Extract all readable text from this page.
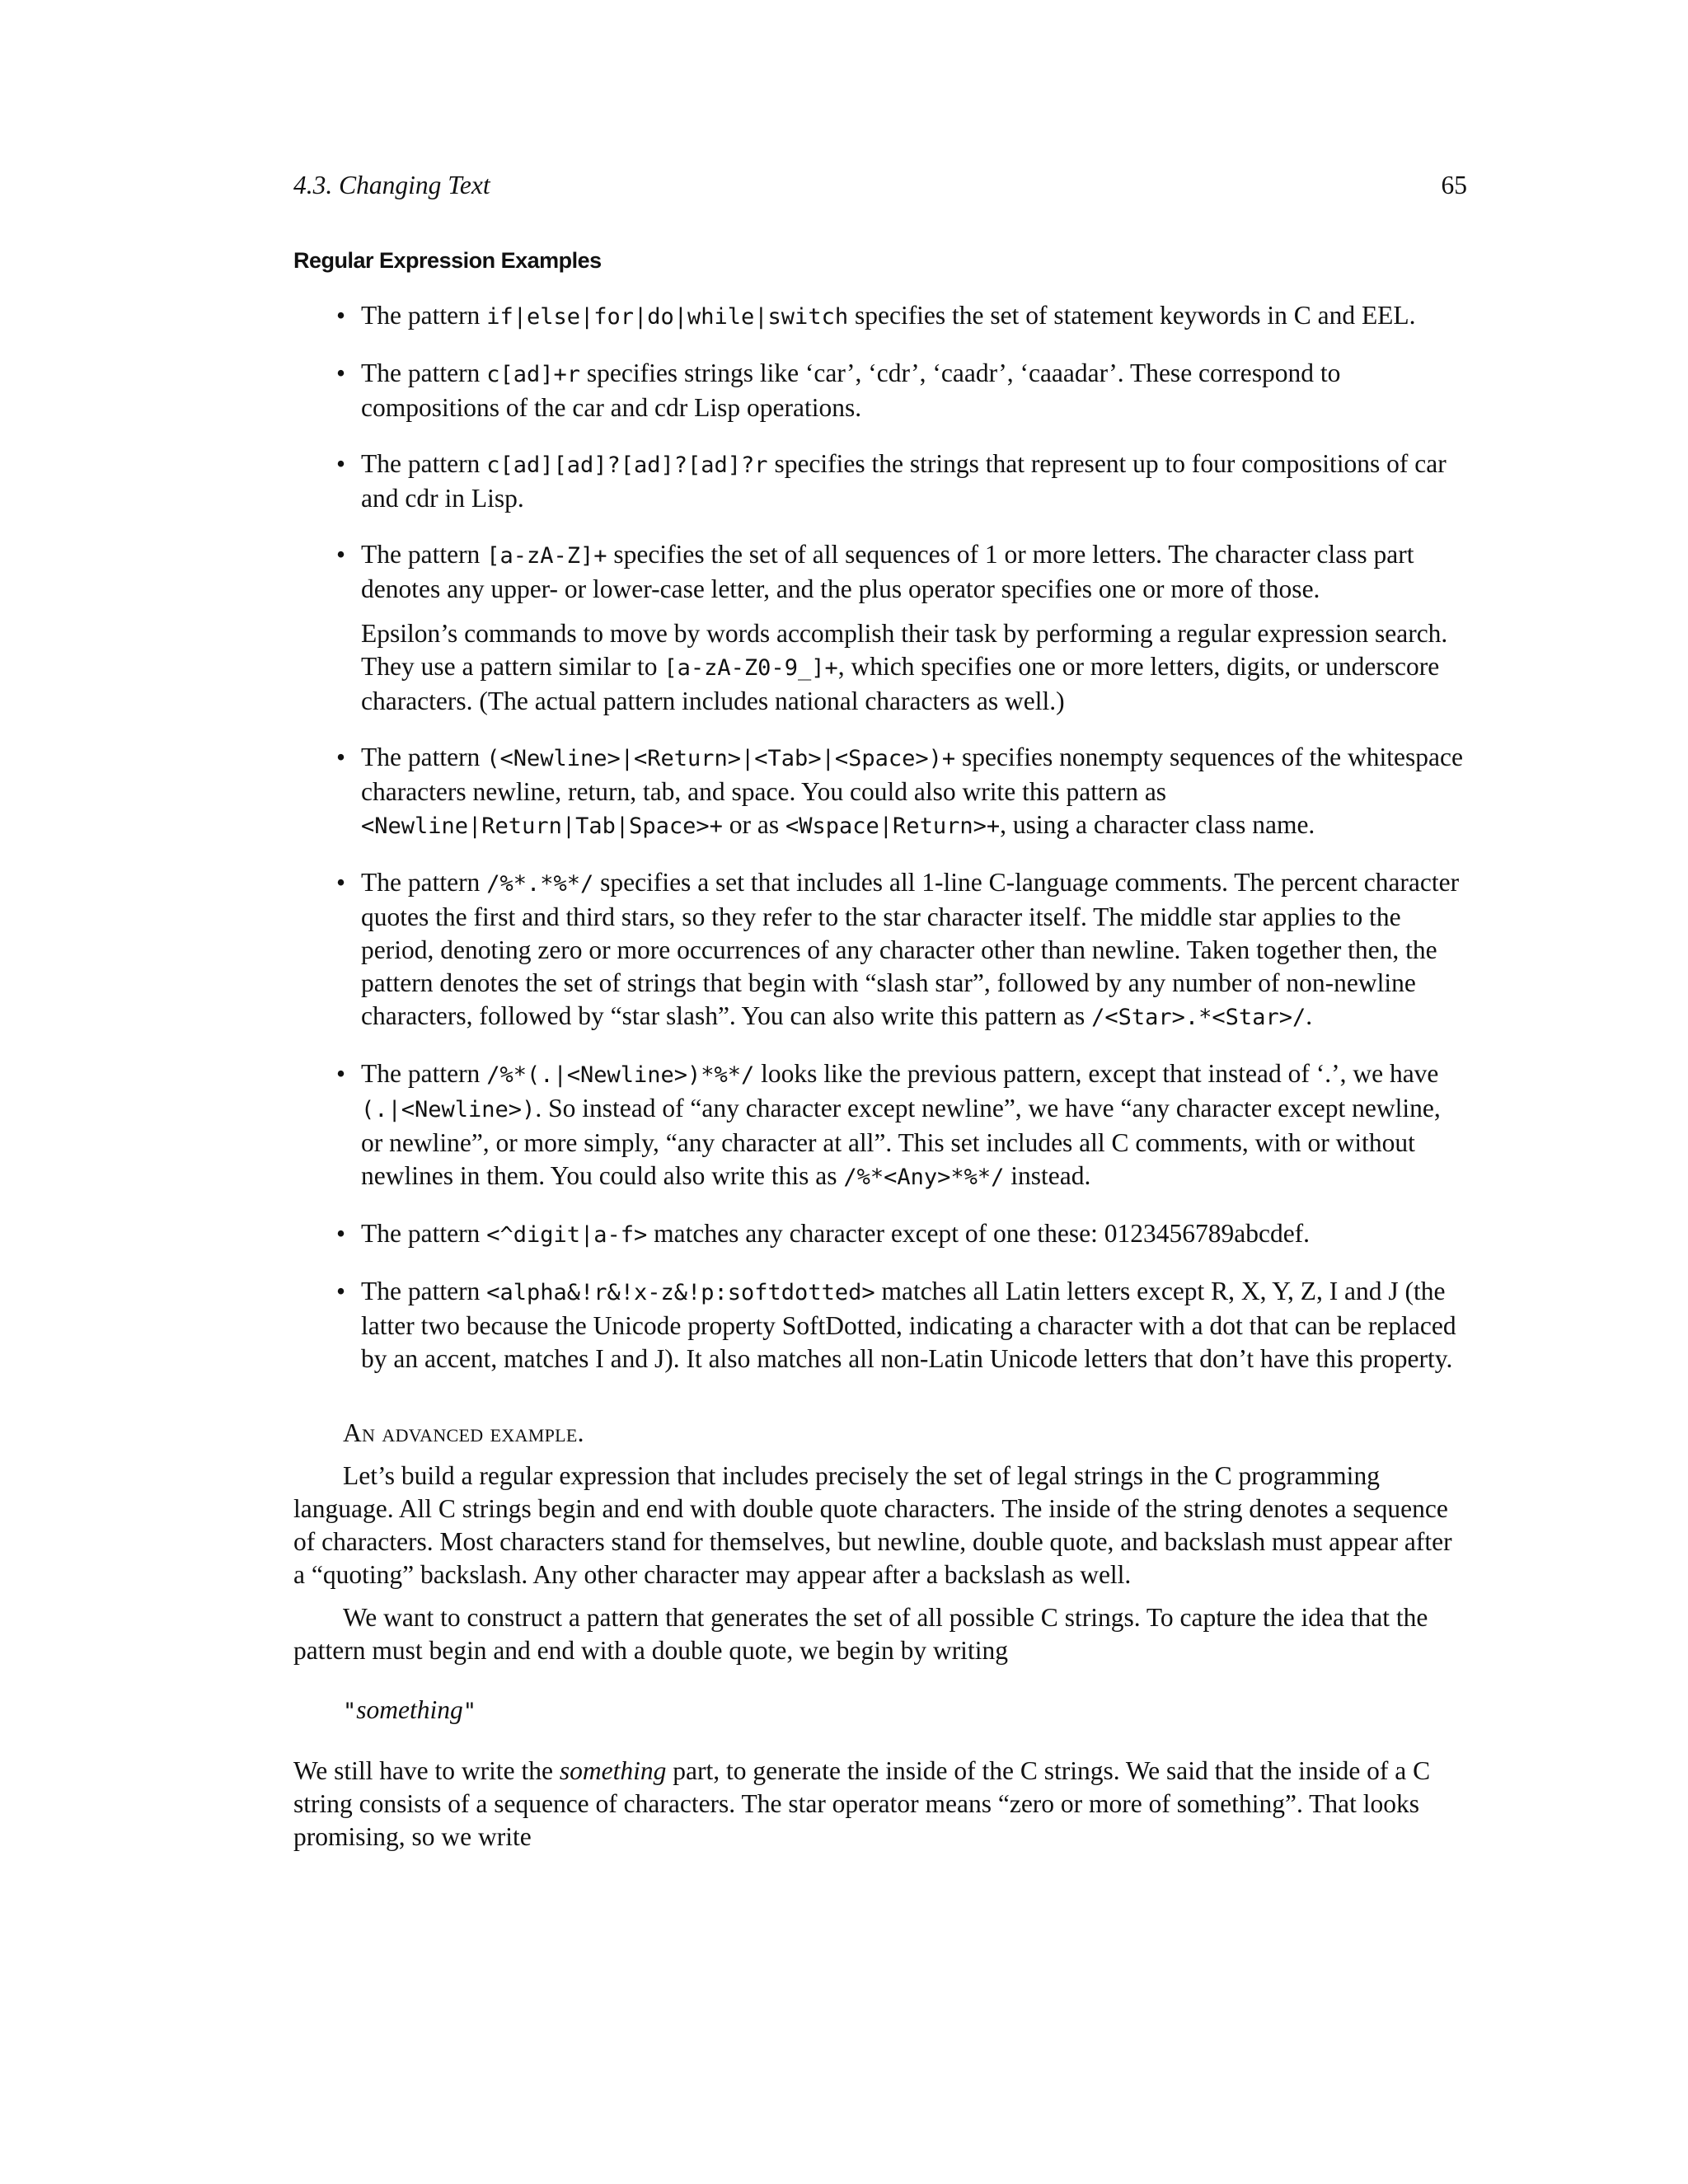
4.3. Changing Text	65
Regular Expression Examples

• The pattern if|else|for|do|while|switch specifies the set of statement keywords in C and EEL.

• The pattern c[ad]+r specifies strings like ‘car’, ‘cdr’, ‘caadr’, ‘caaadar’. These correspond to compositions of the car and cdr Lisp operations.

• The pattern c[ad][ad]?[ad]?[ad]?r specifies the strings that represent up to four compositions of car and cdr in Lisp.

• The pattern [a-zA-Z]+ specifies the set of all sequences of 1 or more letters. The character class part denotes any upper- or lower-case letter, and the plus operator specifies one or more of those.

Epsilon’s commands to move by words accomplish their task by performing a regular expression search. They use a pattern similar to [a-zA-Z0-9_]+, which specifies one or more letters, digits, or underscore characters. (The actual pattern includes national characters as well.)

• The pattern (<Newline>|<Return>|<Tab>|<Space>)+ specifies nonempty sequences of the whitespace characters newline, return, tab, and space. You could also write this pattern as <Newline|Return|Tab|Space>+ or as <Wspace|Return>+, using a character class name.

• The pattern /%*.*%*/ specifies a set that includes all 1-line C-language comments. The percent character quotes the first and third stars, so they refer to the star character itself. The middle star applies to the period, denoting zero or more occurrences of any character other than newline. Taken together then, the pattern denotes the set of strings that begin with “slash star”, followed by any number of non-newline characters, followed by “star slash”. You can also write this pattern as /<Star>.*<Star>/.

• The pattern /%*(.|<Newline>)*%*/ looks like the previous pattern, except that instead of ‘.’, we have (.|<Newline>). So instead of “any character except newline”, we have “any character except newline, or newline”, or more simply, “any character at all”. This set includes all C comments, with or without newlines in them. You could also write this as /%*<Any>*%*/ instead.

• The pattern <^digit|a-f> matches any character except of one these: 0123456789abcdef.

• The pattern <alpha&!r&!x-z&!p:softdotted> matches all Latin letters except R, X, Y, Z, I and J (the latter two because the Unicode property SoftDotted, indicating a character with a dot that can be replaced by an accent, matches I and J). It also matches all non-Latin Unicode letters that don’t have this property.

An advanced example.

Let’s build a regular expression that includes precisely the set of legal strings in the C programming language. All C strings begin and end with double quote characters. The inside of the string denotes a sequence of characters. Most characters stand for themselves, but newline, double quote, and backslash must appear after a “quoting” backslash. Any other character may appear after a backslash as well.

We want to construct a pattern that generates the set of all possible C strings. To capture the idea that the pattern must begin and end with a double quote, we begin by writing

"something"

We still have to write the something part, to generate the inside of the C strings. We said that the inside of a C string consists of a sequence of characters. The star operator means “zero or more of something”. That looks promising, so we write
